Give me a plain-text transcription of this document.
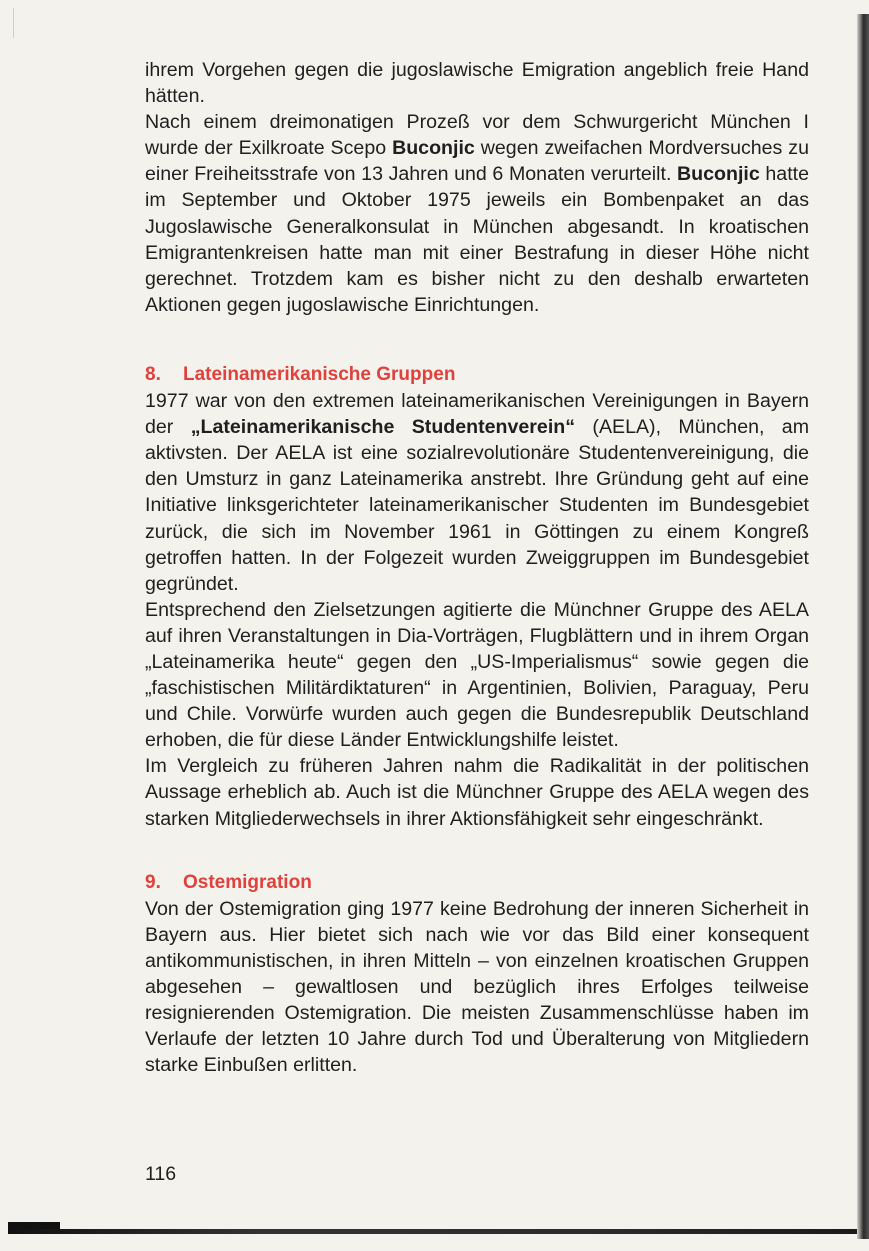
ihrem Vorgehen gegen die jugoslawische Emigration angeblich freie Hand hätten.

Nach einem dreimonatigen Prozeß vor dem Schwurgericht München I wurde der Exilkroate Scepo Buconjic wegen zweifachen Mordversuches zu einer Freiheitsstrafe von 13 Jahren und 6 Monaten verurteilt. Buconjic hatte im September und Oktober 1975 jeweils ein Bombenpaket an das Jugoslawische Generalkonsulat in München abgesandt. In kroatischen Emigrantenkreisen hatte man mit einer Bestrafung in dieser Höhe nicht gerechnet. Trotzdem kam es bisher nicht zu den deshalb erwarteten Aktionen gegen jugoslawische Einrichtungen.

8. Lateinamerikanische Gruppen

1977 war von den extremen lateinamerikanischen Vereinigungen in Bayern der „Lateinamerikanische Studentenverein“ (AELA), München, am aktivsten. Der AELA ist eine sozialrevolutionäre Studentenvereinigung, die den Umsturz in ganz Lateinamerika anstrebt. Ihre Gründung geht auf eine Initiative linksgerichteter lateinamerikanischer Studenten im Bundesgebiet zurück, die sich im November 1961 in Göttingen zu einem Kongreß getroffen hatten. In der Folgezeit wurden Zweiggruppen im Bundesgebiet gegründet.

Entsprechend den Zielsetzungen agitierte die Münchner Gruppe des AELA auf ihren Veranstaltungen in Dia-Vorträgen, Flugblättern und in ihrem Organ „Lateinamerika heute“ gegen den „US-Imperialismus“ sowie gegen die „faschistischen Militärdiktaturen“ in Argentinien, Bolivien, Paraguay, Peru und Chile. Vorwürfe wurden auch gegen die Bundesrepublik Deutschland erhoben, die für diese Länder Entwicklungshilfe leistet.

Im Vergleich zu früheren Jahren nahm die Radikalität in der politischen Aussage erheblich ab. Auch ist die Münchner Gruppe des AELA wegen des starken Mitgliederwechsels in ihrer Aktionsfähigkeit sehr eingeschränkt.

9. Ostemigration

Von der Ostemigration ging 1977 keine Bedrohung der inneren Sicherheit in Bayern aus. Hier bietet sich nach wie vor das Bild einer konsequent antikommunistischen, in ihren Mitteln – von einzelnen kroatischen Gruppen abgesehen – gewaltlosen und bezüglich ihres Erfolges teilweise resignierenden Ostemigration. Die meisten Zusammenschlüsse haben im Verlaufe der letzten 10 Jahre durch Tod und Überalterung von Mitgliedern starke Einbußen erlitten.

116
